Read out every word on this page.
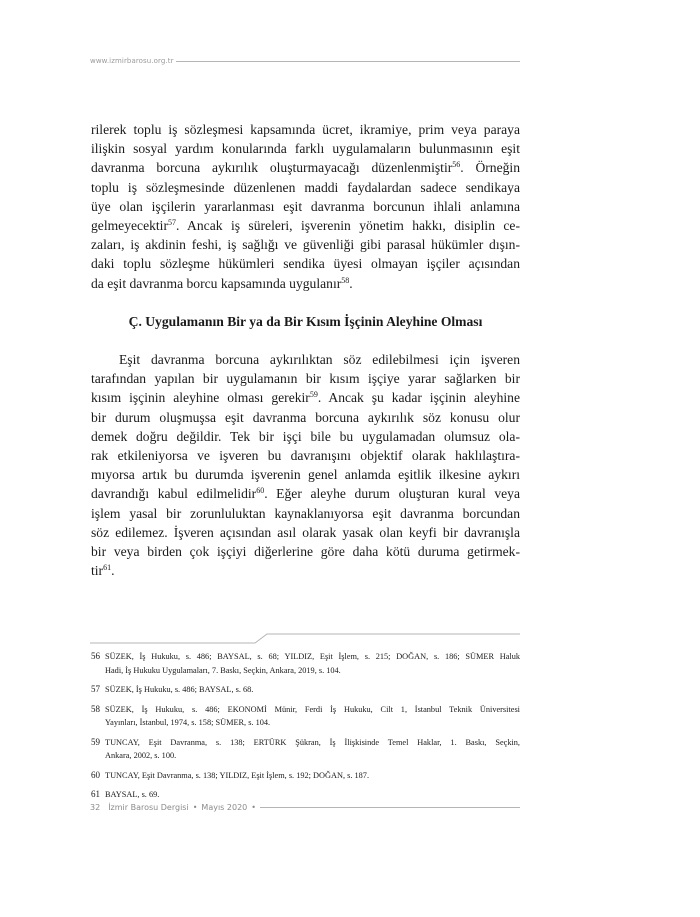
www.izmirbarosu.org.tr
rilerek toplu iş sözleşmesi kapsamında ücret, ikramiye, prim veya paraya
ilişkin sosyal yardım konularında farklı uygulamaların bulunmasının eşit
davranma borcuna aykırılık oluşturmayacağı düzenlenmiştir$^{56}$. Örneğin
toplu iş sözleşmesinde düzenlenen maddi faydalardan sadece sendikaya
üye olan işçilerin yararlanması eşit davranma borcunun ihlali anlamına
gelmeyecektir$^{57}$. Ancak iş süreleri, işverenin yönetim hakkı, disiplin ce-
zaları, iş akdinin feshi, iş sağlığı ve güvenliği gibi parasal hükümler dışın-
daki toplu sözleşme hükümleri sendika üyesi olmayan işçiler açısından
da eşit davranma borcu kapsamında uygulanır$^{58}$.
Ç. Uygulamanın Bir ya da Bir Kısım İşçinin Aleyhine Olması
Eşit davranma borcuna aykırılıktan söz edilebilmesi için işveren
tarafından yapılan bir uygulamanın bir kısım işçiye yarar sağlarken bir
kısım işçinin aleyhine olması gerekir$^{59}$. Ancak şu kadar işçinin aleyhine
bir durum oluşmuşsa eşit davranma borcuna aykırılık söz konusu olur
demek doğru değildir. Tek bir işçi bile bu uygulamadan olumsuz ola-
rak etkileniyorsa ve işveren bu davranışını objektif olarak haklılaştıra-
mıyorsa artık bu durumda işverenin genel anlamda eşitlik ilkesine aykırı
davrandığı kabul edilmelidir$^{60}$. Eğer aleyhe durum oluşturan kural veya
işlem yasal bir zorunluluktan kaynaklanıyorsa eşit davranma borcundan
söz edilemez. İşveren açısından asıl olarak yasak olan keyfi bir davranışla
bir veya birden çok işçiyi diğerlerine göre daha kötü duruma getirmek-
tir$^{61}$.
56 SÜZEK, İş Hukuku, s. 486; BAYSAL, s. 68; YILDIZ, Eşit İşlem, s. 215; DOĞAN, s. 186; SÜMER Haluk
Hadi, İş Hukuku Uygulamaları, 7. Baskı, Seçkin, Ankara, 2019, s. 104.
57 SÜZEK, İş Hukuku, s. 486; BAYSAL, s. 68.
58 SÜZEK, İş Hukuku, s. 486; EKONOMİ Münir, Ferdi İş Hukuku, Cilt 1, İstanbul Teknik Üniversitesi
Yayınları, İstanbul, 1974, s. 158; SÜMER, s. 104.
59 TUNCAY, Eşit Davranma, s. 138; ERTÜRK Şükran, İş İlişkisinde Temel Haklar, 1. Baskı, Seçkin,
Ankara, 2002, s. 100.
60 TUNCAY, Eşit Davranma, s. 138; YILDIZ, Eşit İşlem, s. 192; DOĞAN, s. 187.
61 BAYSAL, s. 69.
32 İzmir Barosu Dergisi • Mayıs 2020 •
